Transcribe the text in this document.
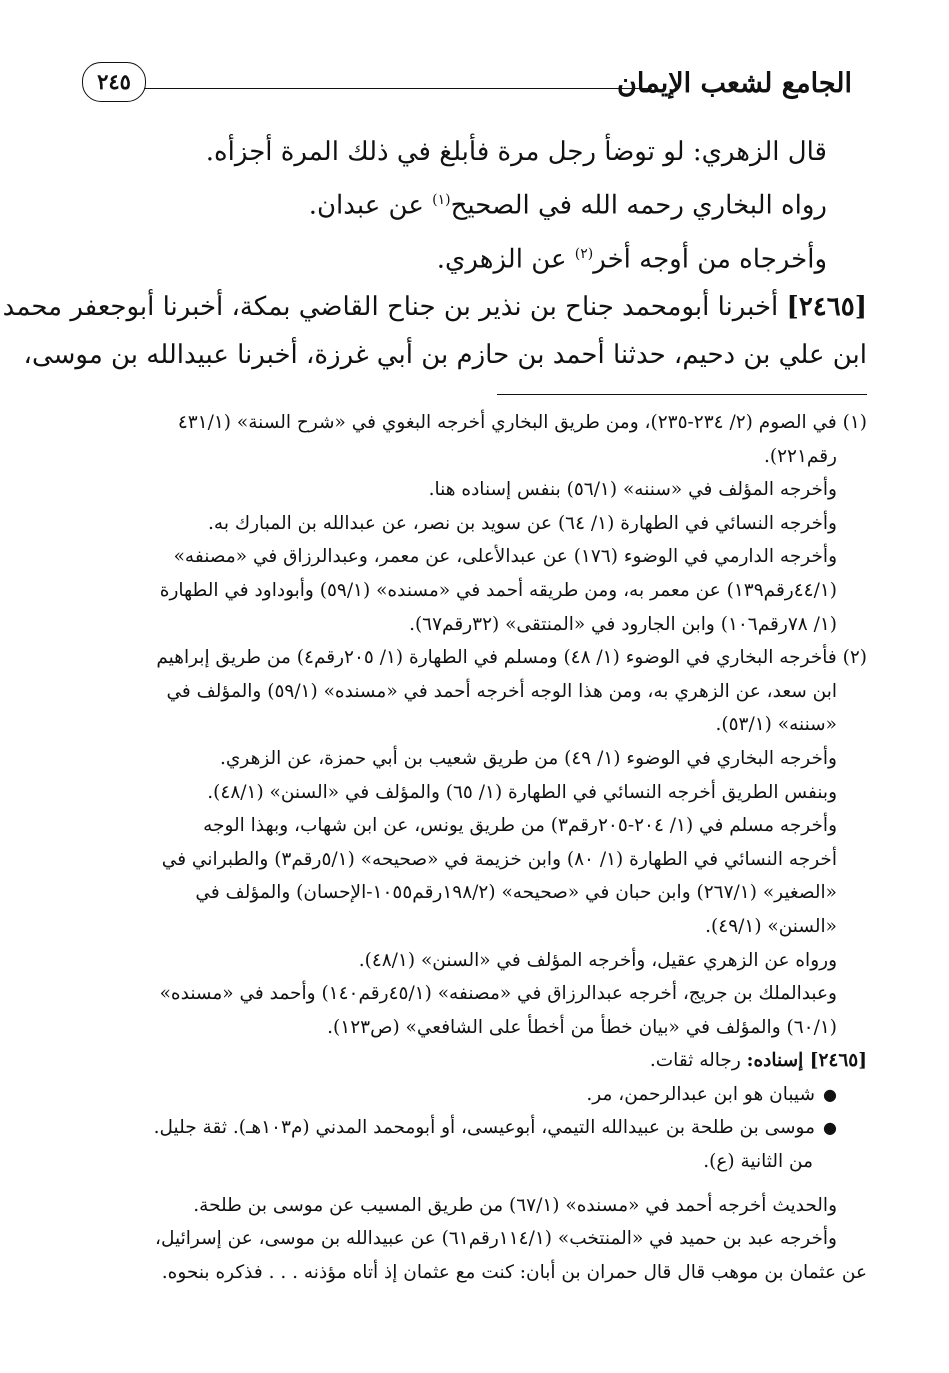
الجامع لشعب الإيمان
٢٤٥
قال الزهري: لو توضأ رجل مرة فأبلغ في ذلك المرة أجزأه.
رواه البخاري رحمه الله في الصحيح$^{(١)}$ عن عبدان.
وأخرجاه من أوجه أخر$^{(٢)}$ عن الزهري.
[٢٤٦٥] أخبرنا أبومحمد جناح بن نذير بن جناح القاضي بمكة، أخبرنا أبوجعفر محمد
ابن علي بن دحيم، حدثنا أحمد بن حازم بن أبي غرزة، أخبرنا عبيدالله بن موسى،
(١) في الصوم (٢/ ٢٣٤-٢٣٥)، ومن طريق البخاري أخرجه البغوي في «شرح السنة» (٤٣١/١
رقم٢٢١).
وأخرجه المؤلف في «سننه» (٥٦/١) بنفس إسناده هنا.
وأخرجه النسائي في الطهارة (١/ ٦٤) عن سويد بن نصر، عن عبدالله بن المبارك به.
وأخرجه الدارمي في الوضوء (١٧٦) عن عبدالأعلى، عن معمر، وعبدالرزاق في «مصنفه»
(٤٤/١رقم١٣٩) عن معمر به، ومن طريقه أحمد في «مسنده» (٥٩/١) وأبوداود في الطهارة
(١/ ٧٨رقم١٠٦) وابن الجارود في «المنتقى» (٣٢رقم٦٧).
(٢) فأخرجه البخاري في الوضوء (١/ ٤٨) ومسلم في الطهارة (١/ ٢٠٥رقم٤) من طريق إبراهيم
ابن سعد، عن الزهري به، ومن هذا الوجه أخرجه أحمد في «مسنده» (٥٩/١) والمؤلف في
«سننه» (٥٣/١).
وأخرجه البخاري في الوضوء (١/ ٤٩) من طريق شعيب بن أبي حمزة، عن الزهري.
وبنفس الطريق أخرجه النسائي في الطهارة (١/ ٦٥) والمؤلف في «السنن» (٤٨/١).
وأخرجه مسلم في (١/ ٢٠٤-٢٠٥رقم٣) من طريق يونس، عن ابن شهاب، وبهذا الوجه
أخرجه النسائي في الطهارة (١/ ٨٠) وابن خزيمة في «صحيحه» (٥/١رقم٣) والطبراني في
«الصغير» (٢٦٧/١) وابن حبان في «صحيحه» (١٩٨/٢رقم١٠٥٥-الإحسان) والمؤلف في
«السنن» (٤٩/١).
ورواه عن الزهري عقيل، وأخرجه المؤلف في «السنن» (٤٨/١).
وعبدالملك بن جريج، أخرجه عبدالرزاق في «مصنفه» (٤٥/١رقم١٤٠) وأحمد في «مسنده»
(٦٠/١) والمؤلف في «بيان خطأ من أخطأ على الشافعي» (ص١٢٣).
[٢٤٦٥] إسناده: رجاله ثقات.
●شيبان هو ابن عبدالرحمن، مر.
●موسى بن طلحة بن عبيدالله التيمي، أبوعيسى، أو أبومحمد المدني (م١٠٣هـ). ثقة جليل.
من الثانية (ع).
والحديث أخرجه أحمد في «مسنده» (٦٧/١) من طريق المسيب عن موسى بن طلحة.
وأخرجه عبد بن حميد في «المنتخب» (١١٤/١رقم٦١) عن عبيدالله بن موسى، عن إسرائيل،
عن عثمان بن موهب قال قال حمران بن أبان: كنت مع عثمان إذ أتاه مؤذنه . . . فذكره بنحوه.
